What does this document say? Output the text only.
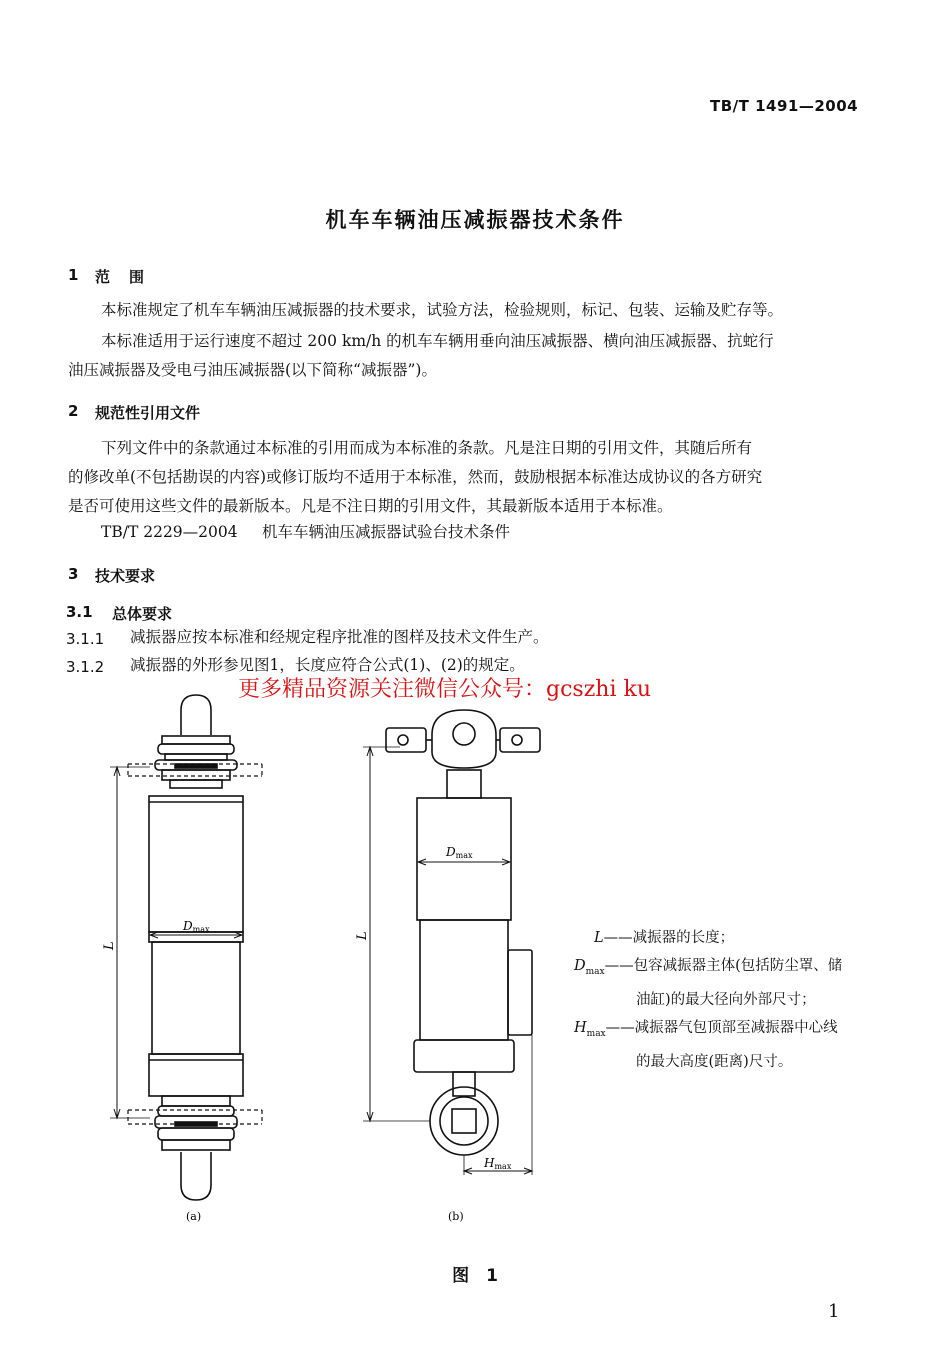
TB/T 1491—2004
机车车辆油压减振器技术条件
1 范　围
本标准规定了机车车辆油压减振器的技术要求，试验方法，检验规则，标记、包装、运输及贮存等。
本标准适用于运行速度不超过 200 km/h 的机车车辆用垂向油压减振器、横向油压减振器、抗蛇行
油压减振器及受电弓油压减振器(以下简称“减振器”)。
2 规范性引用文件
下列文件中的条款通过本标准的引用而成为本标准的条款。凡是注日期的引用文件，其随后所有
的修改单(不包括勘误的内容)或修订版均不适用于本标准，然而，鼓励根据本标准达成协议的各方研究
是否可使用这些文件的最新版本。凡是不注日期的引用文件，其最新版本适用于本标准。
TB/T 2229—2004 机车车辆油压减振器试验台技术条件
3 技术要求
3.1 总体要求
3.1.1 减振器应按本标准和经规定程序批准的图样及技术文件生产。
3.1.2 减振器的外形参见图1，长度应符合公式(1)、(2)的规定。
更多精品资源关注微信公众号：gcszhi ku
L
Dmax
L
Dmax
Hmax
(a)	(b)
L——减振器的长度；
$D_{max}——$包容减振器主体(包括防尘罩、储
油缸)的最大径向外部尺寸；
$H_{max}——$减振器气包顶部至减振器中心线
的最大高度(距离)尺寸。
图　1
1
